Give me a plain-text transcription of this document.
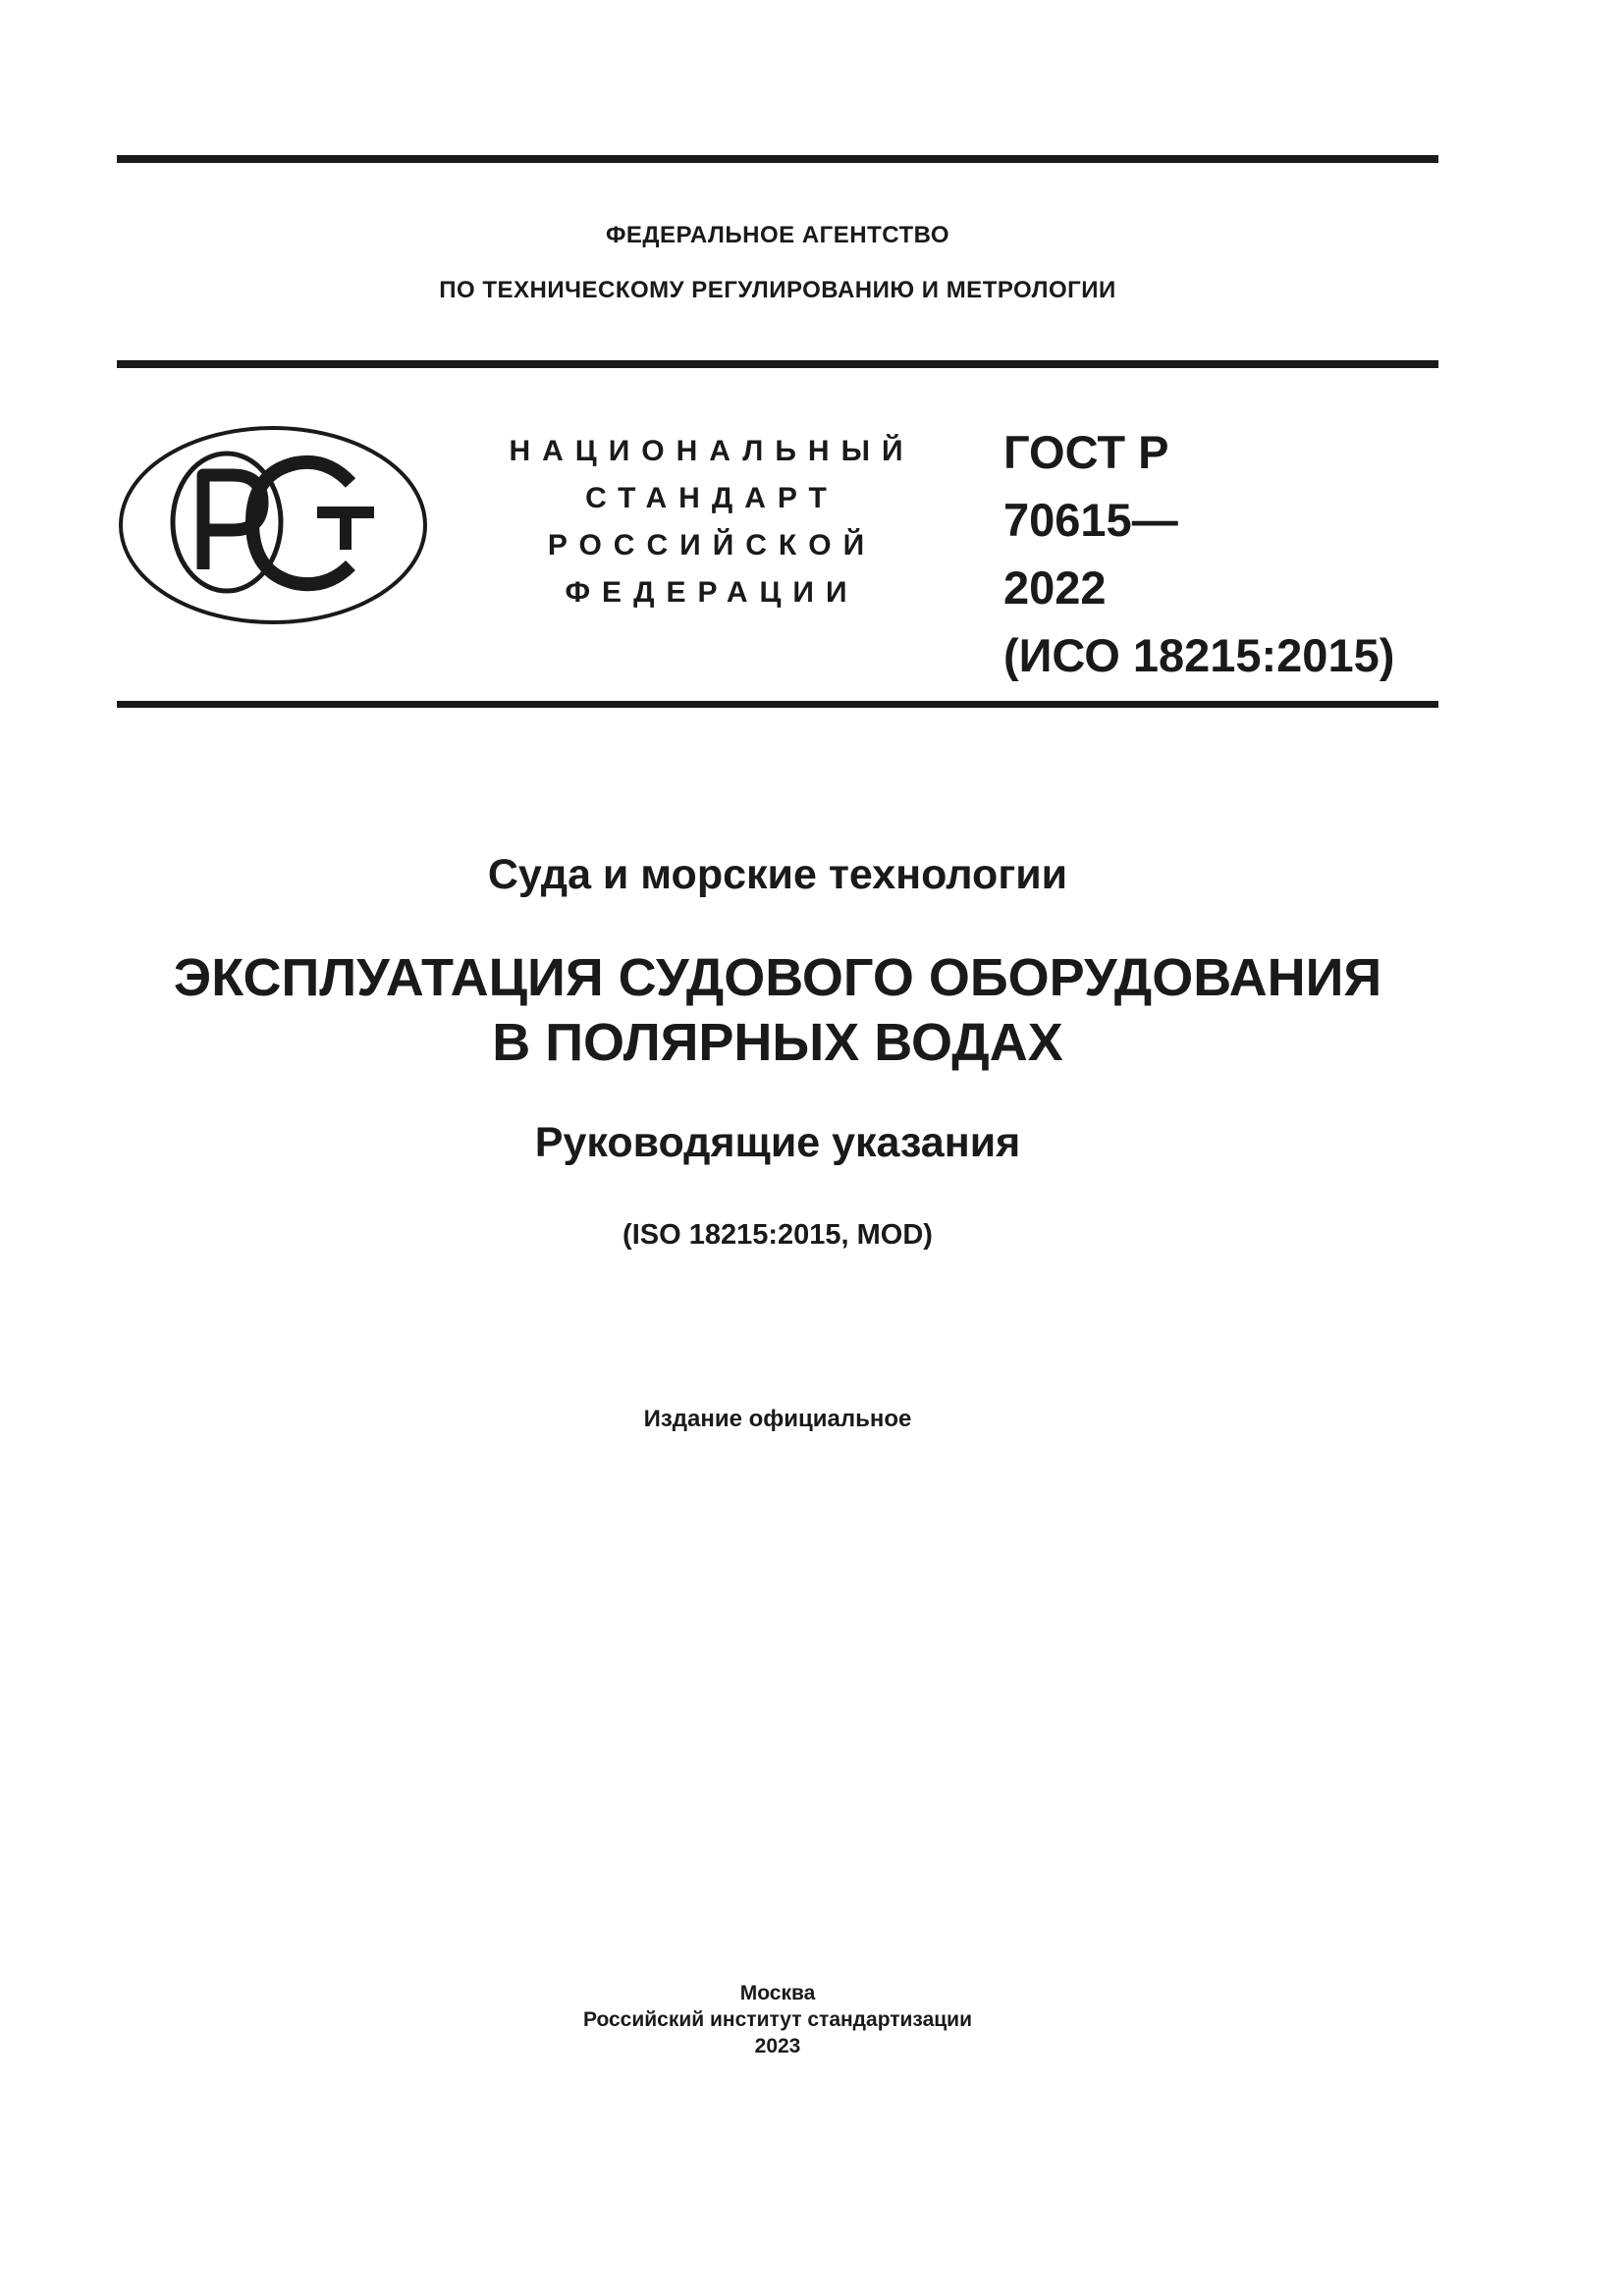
ФЕДЕРАЛЬНОЕ АГЕНТСТВО
ПО ТЕХНИЧЕСКОМУ РЕГУЛИРОВАНИЮ И МЕТРОЛОГИИ
НАЦИОНАЛЬНЫЙ
СТАНДАРТ
РОССИЙСКОЙ
ФЕДЕРАЦИИ
ГОСТ Р
70615—
2022
(ИСО 18215:2015)
Суда и морские технологии
ЭКСПЛУАТАЦИЯ СУДОВОГО ОБОРУДОВАНИЯ
В ПОЛЯРНЫХ ВОДАХ
Руководящие указания
(ISO 18215:2015, MOD)
Издание официальное
Москва
Российский институт стандартизации
2023
